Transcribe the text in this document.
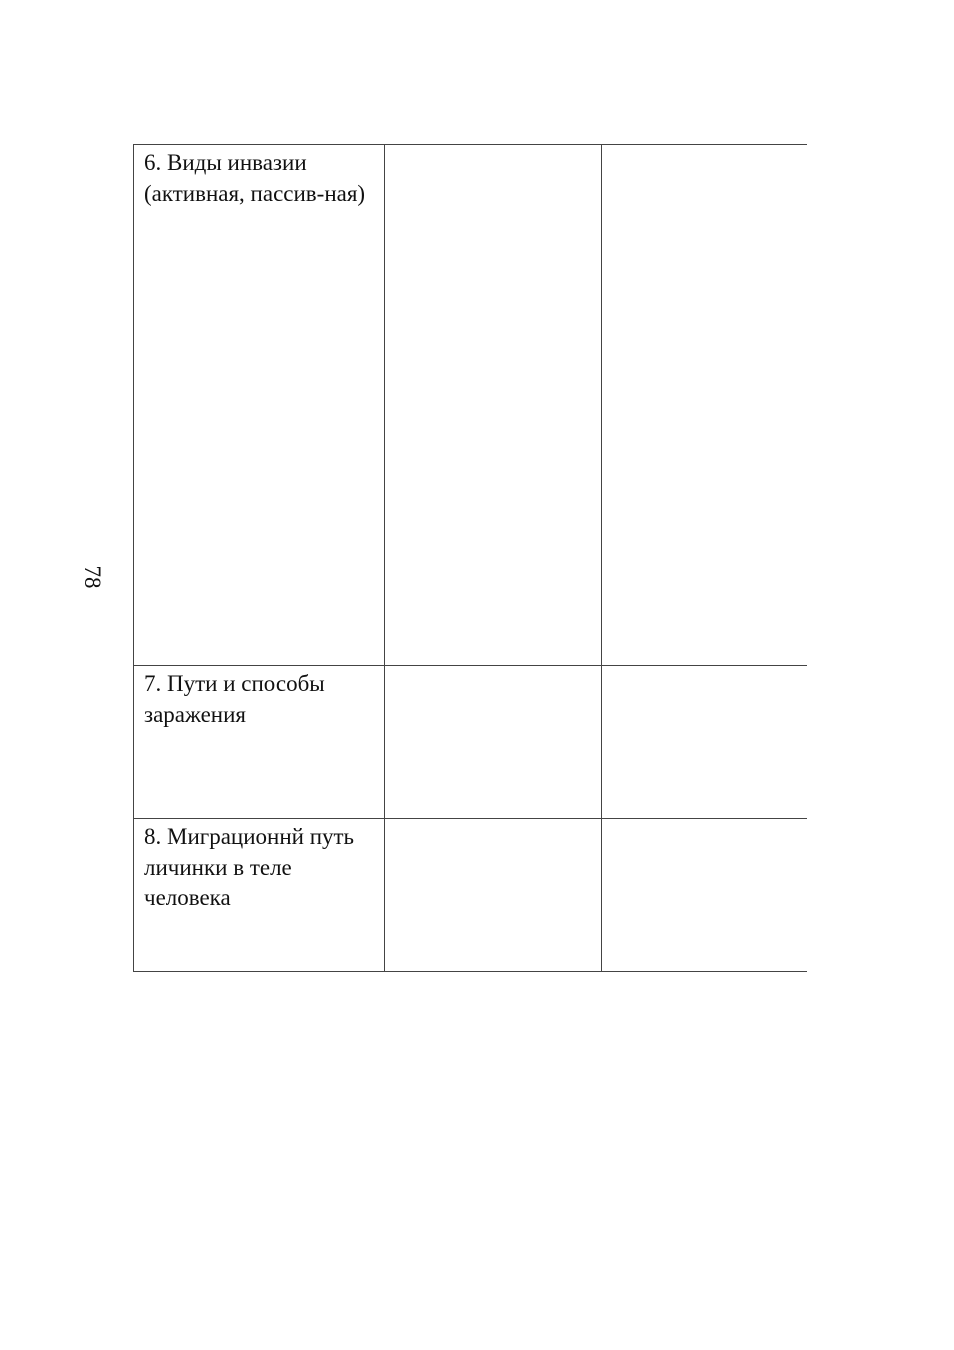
78
6. Виды инвазии (активная, пассив-ная)		
7. Пути и способы заражения		
8. Миграционнй путь личинки в теле человека		
